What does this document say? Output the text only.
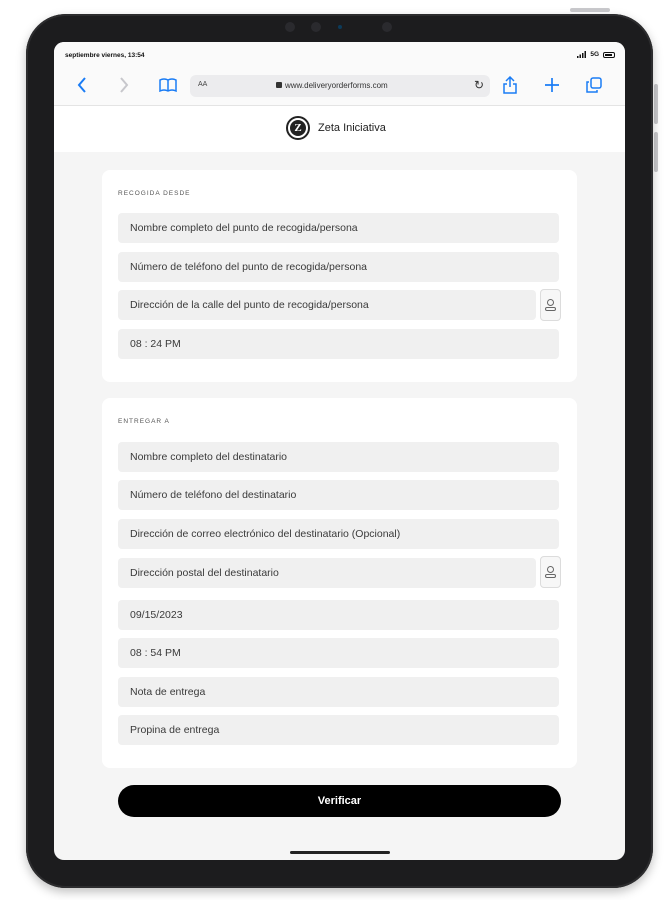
septiembre viernes, 13:54	5G
AA	www.deliveryorderforms.com	↻
Z	Zeta Iniciativa
RECOGIDA DESDE
Nombre completo del punto de recogida/persona
Número de teléfono del punto de recogida/persona
Dirección de la calle del punto de recogida/persona
08 : 24 PM
ENTREGAR A
Nombre completo del destinatario
Número de teléfono del destinatario
Dirección de correo electrónico del destinatario (Opcional)
Dirección postal del destinatario
09/15/2023
08 : 54 PM
Nota de entrega
Propina de entrega
Verificar
